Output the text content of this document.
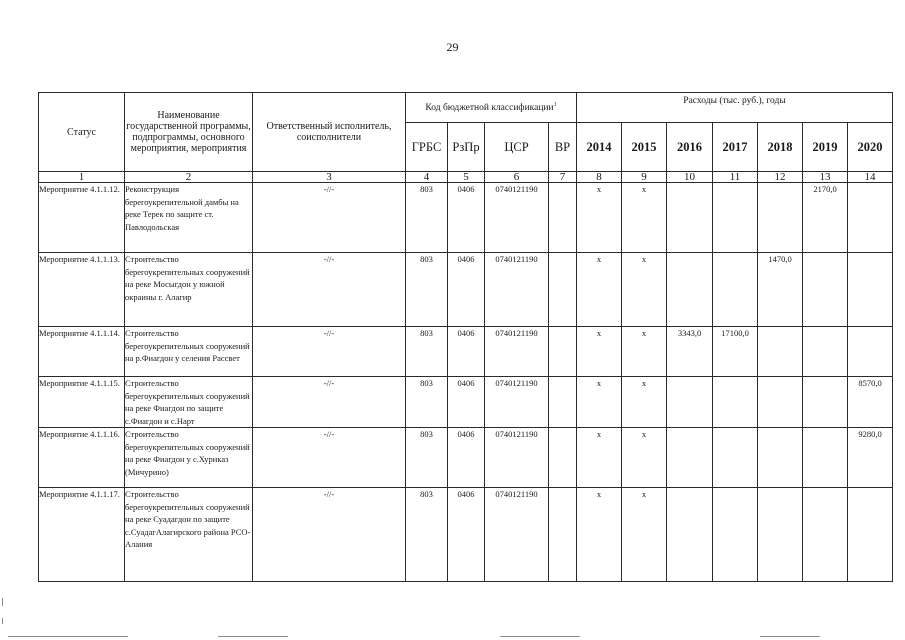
29
Статус	Наименование государственной программы, подпрограммы, основного мероприятия, мероприятия	Ответственный исполнитель, соисполнители	Код бюджетной классификации$^1$				Расходы (тыс. руб.), годы						
			ГРБС	РзПр	ЦСР	ВР	2014	2015	2016	2017	2018	2019	2020
1	2	3	4	5	6	7	8	9	10	11	12	13	14
Мероприятие 4.1.1.12.	Реконструкция берегоукрепительной дамбы на реке Терек по защите ст. Павлодольская	-//-	803	0406	0740121190		x	x				2170,0	
Мероприятие 4.1.1.13.	Строительство берегоукрепительных сооружений на реке Мосыгдон у южной окраины г. Алагир	-//-	803	0406	0740121190		x	x			1470,0		
Мероприятие 4.1.1.14.	Строительство берегоукрепительных сооружений на р.Фиагдон у селения Рассвет	-//-	803	0406	0740121190		x	x	3343,0	17100,0			
Мероприятие 4.1.1.15.	Строительство берегоукрепительных сооружений на реке Фиагдон по защите с.Фиагдон и с.Нарт	-//-	803	0406	0740121190		x	x					8570,0
Мероприятие 4.1.1.16.	Строительство берегоукрепительных сооружений на реке Фиагдон у с.Хуриказ (Мичурино)	-//-	803	0406	0740121190		x	x					9280,0
Мероприятие 4.1.1.17.	Строительство берегоукрепительных сооружений на реке Суадагдон по защите с.СуадагАлагирского района РСО-Алания	-//-	803	0406	0740121190		x	x					
